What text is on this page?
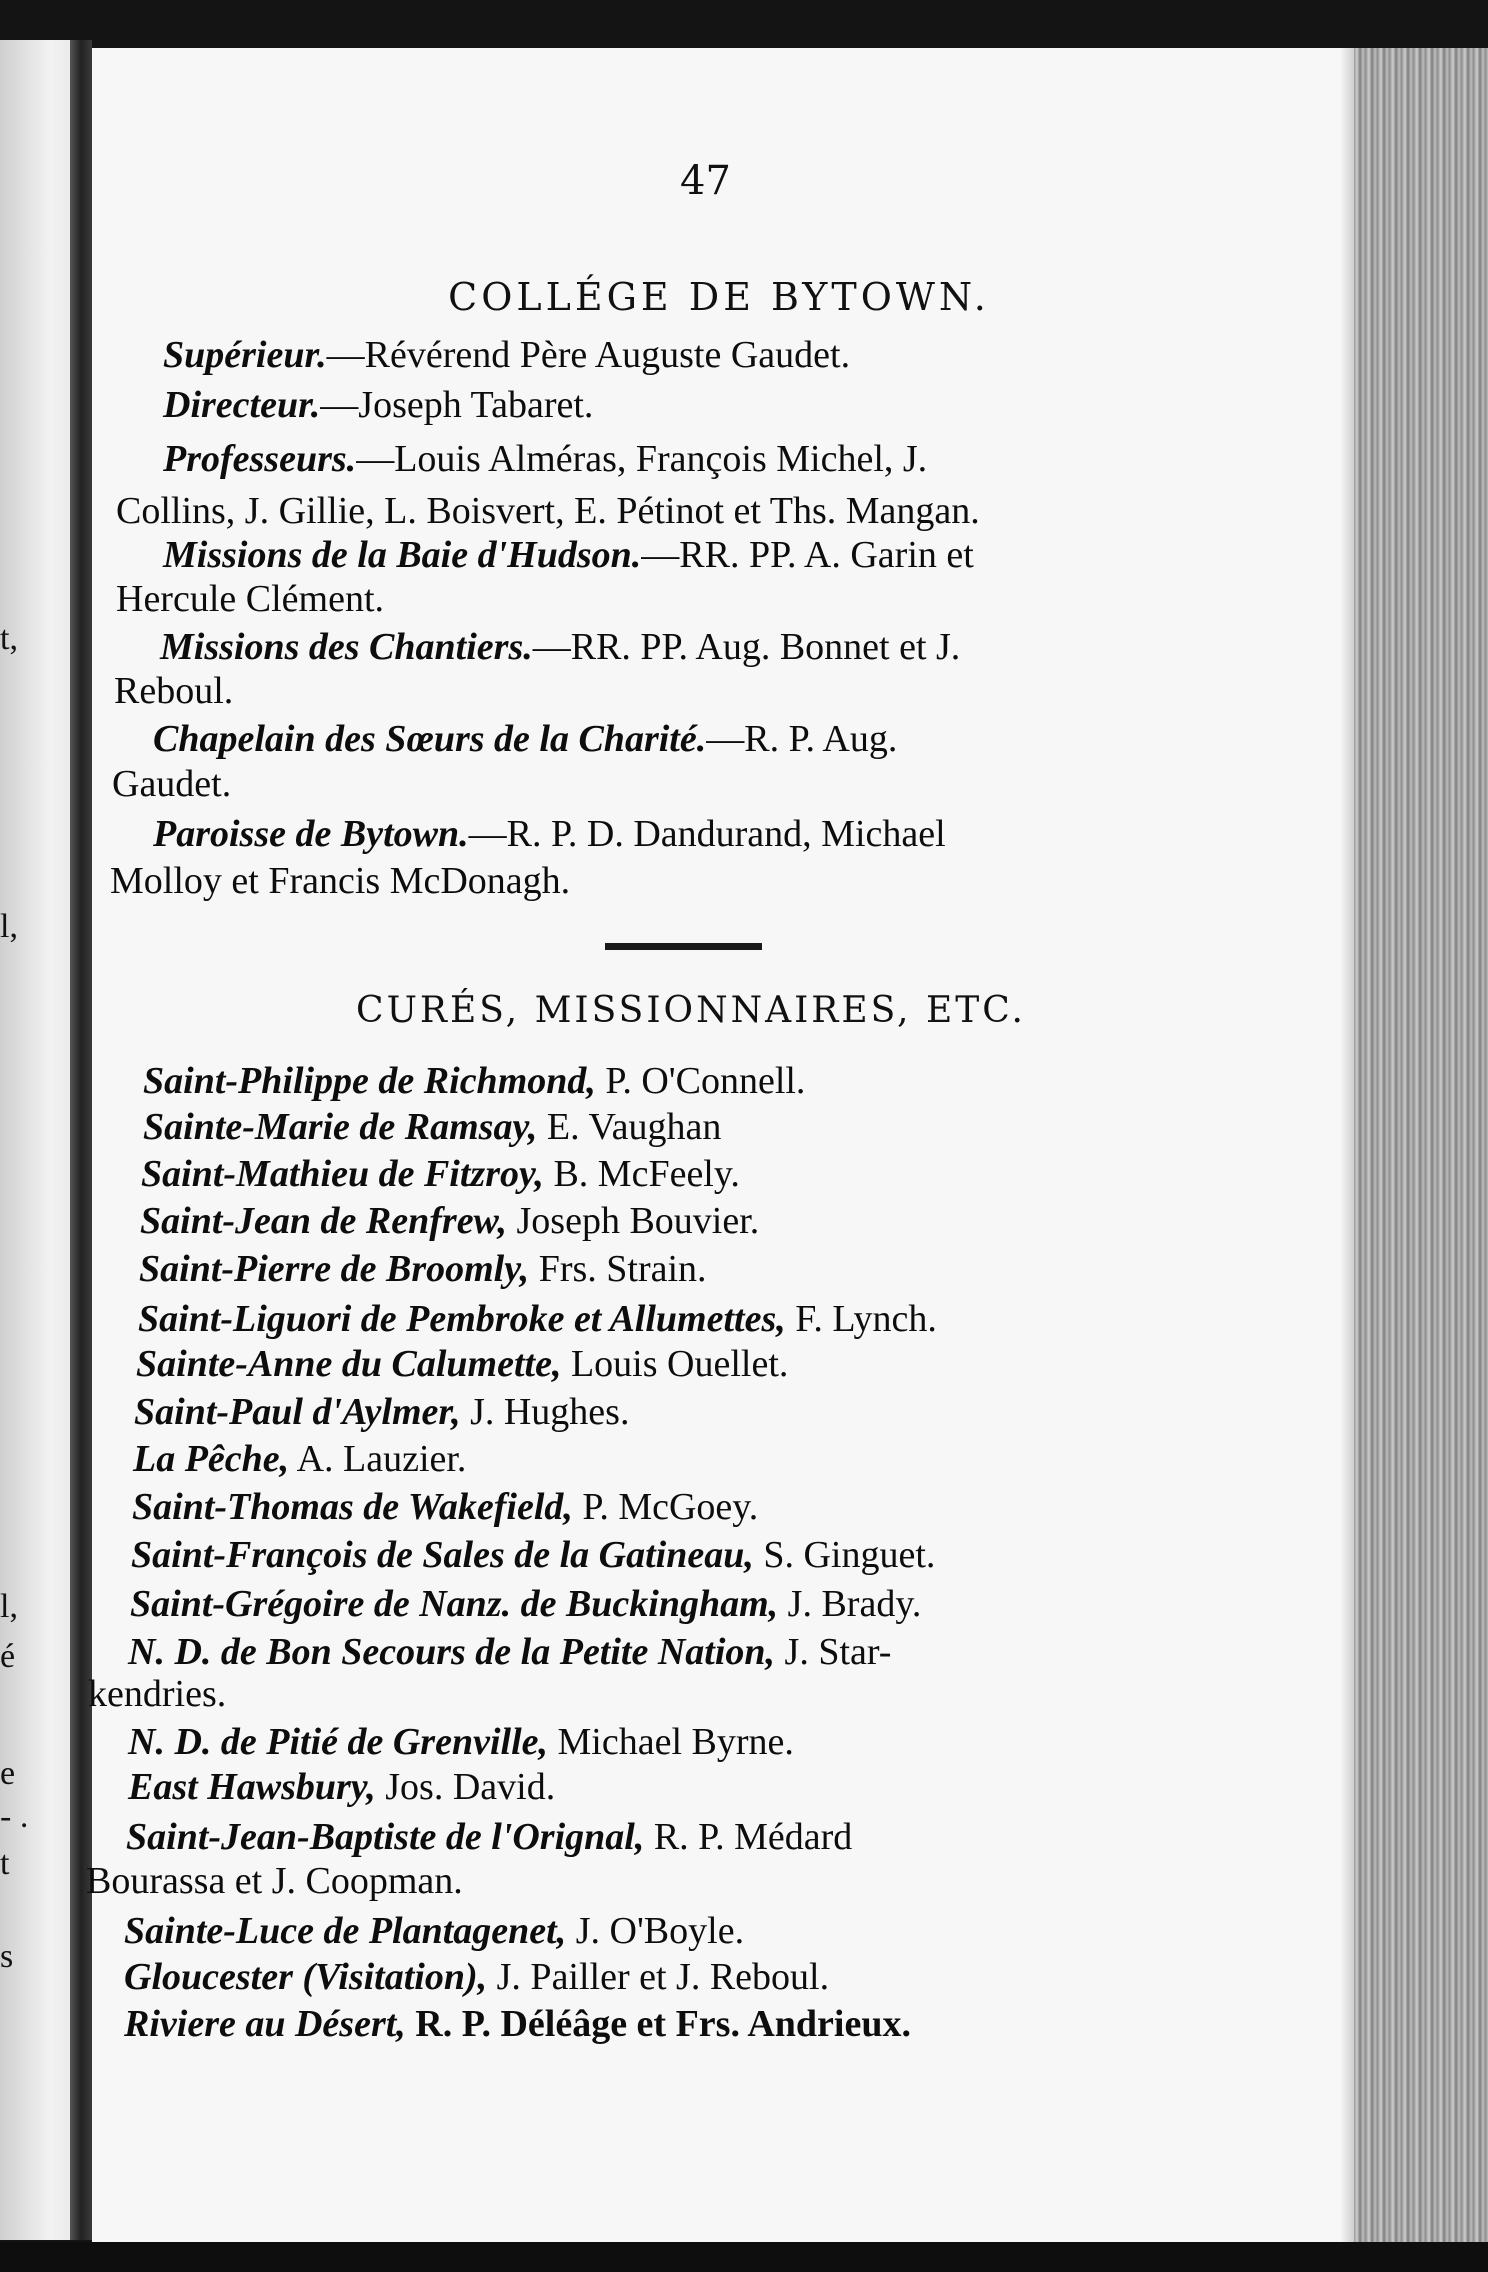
t,
l,
l,
é
e
- .
t
s
47
COLLÉGE DE BYTOWN.
Supérieur.—Révérend Père Auguste Gaudet.
Directeur.—Joseph Tabaret.
Professeurs.—Louis Alméras, François Michel, J.
Collins, J. Gillie, L. Boisvert, E. Pétinot et Ths. Mangan.
Missions de la Baie d'Hudson.—RR. PP. A. Garin et
Hercule Clément.
Missions des Chantiers.—RR. PP. Aug. Bonnet et J.
Reboul.
Chapelain des Sœurs de la Charité.—R. P. Aug.
Gaudet.
Paroisse de Bytown.—R. P. D. Dandurand, Michael
Molloy et Francis McDonagh.
CURÉS, MISSIONNAIRES, ETC.
Saint-Philippe de Richmond, P. O'Connell.
Sainte-Marie de Ramsay, E. Vaughan
Saint-Mathieu de Fitzroy, B. McFeely.
Saint-Jean de Renfrew, Joseph Bouvier.
Saint-Pierre de Broomly, Frs. Strain.
Saint-Liguori de Pembroke et Allumettes, F. Lynch.
Sainte-Anne du Calumette, Louis Ouellet.
Saint-Paul d'Aylmer, J. Hughes.
La Pêche, A. Lauzier.
Saint-Thomas de Wakefield, P. McGoey.
Saint-François de Sales de la Gatineau, S. Ginguet.
Saint-Grégoire de Nanz. de Buckingham, J. Brady.
N. D. de Bon Secours de la Petite Nation, J. Star-
kendries.
N. D. de Pitié de Grenville, Michael Byrne.
East Hawsbury, Jos. David.
Saint-Jean-Baptiste de l'Orignal, R. P. Médard
Bourassa et J. Coopman.
Sainte-Luce de Plantagenet, J. O'Boyle.
Gloucester (Visitation), J. Pailler et J. Reboul.
Riviere au Désert, R. P. Déléâge et Frs. Andrieux.
